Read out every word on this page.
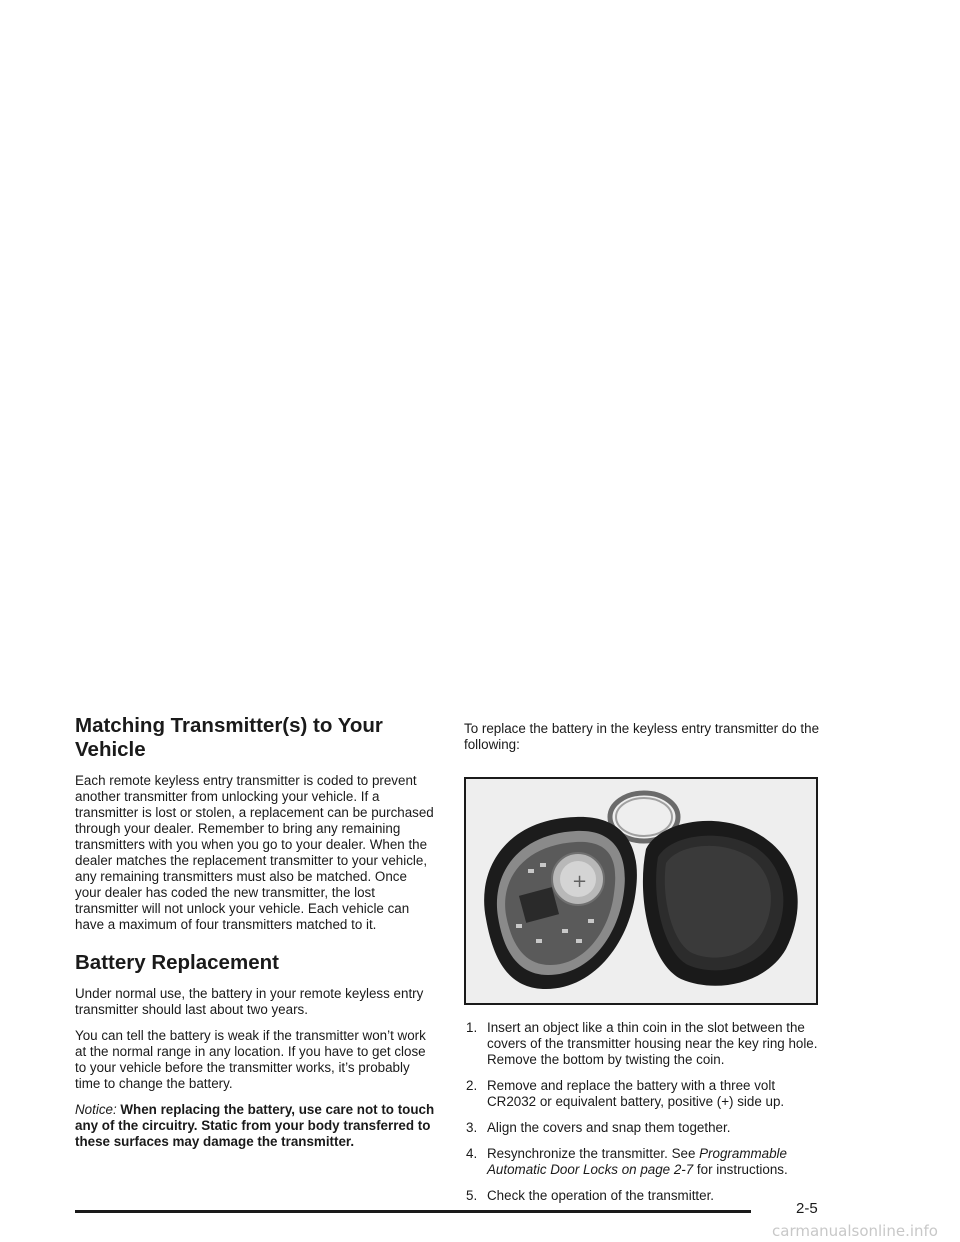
Matching Transmitter(s) to Your Vehicle

Each remote keyless entry transmitter is coded to prevent another transmitter from unlocking your vehicle. If a transmitter is lost or stolen, a replacement can be purchased through your dealer. Remember to bring any remaining transmitters with you when you go to your dealer. When the dealer matches the replacement transmitter to your vehicle, any remaining transmitters must also be matched. Once your dealer has coded the new transmitter, the lost transmitter will not unlock your vehicle. Each vehicle can have a maximum of four transmitters matched to it.

Battery Replacement

Under normal use, the battery in your remote keyless entry transmitter should last about two years.

You can tell the battery is weak if the transmitter won’t work at the normal range in any location. If you have to get close to your vehicle before the transmitter works, it’s probably time to change the battery.

Notice: When replacing the battery, use care not to touch any of the circuitry. Static from your body transferred to these surfaces may damage the transmitter.

To replace the battery in the keyless entry transmitter do the following:

+
1. Insert an object like a thin coin in the slot between the covers of the transmitter housing near the key ring hole. Remove the bottom by twisting the coin.
2. Remove and replace the battery with a three volt CR2032 or equivalent battery, positive (+) side up.
3. Align the covers and snap them together.
4. Resynchronize the transmitter. See Programmable Automatic Door Locks on page 2-7 for instructions.
5. Check the operation of the transmitter.
2-5
carmanualsonline.info
